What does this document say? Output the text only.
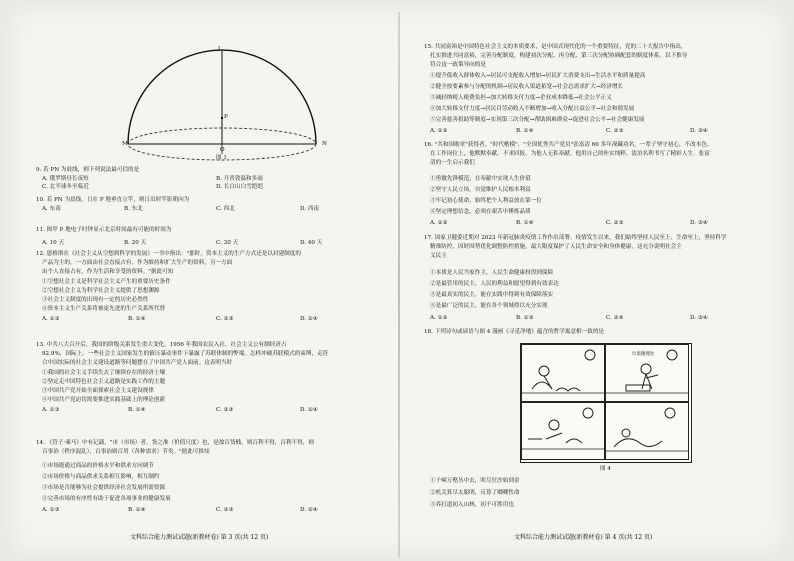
L
P
O
M	N
图 1
9. 若 PN 为晨线，则下列说法最可信的是
A. 俄罗斯昼长夜短	B. 开普敦温和多雨
C. 北半球冬至临近	D. 长白山白雪皑皑
10. 若 PN 为晨线，日在 P 地垂直立竿，则日出时竿影朝向为
A. 东南	B. 东北	C. 西北	D. 西南
11. 图甲 P 地电子时钟显示北京时间最有可能的时间为
A. 10 天	B. 20 天	C. 30 天	D. 40 天
12. 恩格斯在《社会主义从空想到科学的发展》一书中指出："那时，资本主义的生产方式还是以封建制度的
产品为主的，一方面由社会直接占有，作为维持和扩大生产的资料，另一方面
由个人直接占有，作为生活和享受的资料。"据此可知
①空想社会主义是科学社会主义产生的重要历史条件
②空想社会主义为科学社会主义提供了思想渊源
③社会主义制度的出现有一定的历史必然性
④资本主义生产关系将被更先进的生产关系所代替
A. ①③	B. ①④	C. ②③	D. ②④
13. 中共八大召开后，我国的阶级关系发生重大变化，1956 年我国农民入社、社会主义公有制经济占
92.9%，国际上，一些社会主义国家发生的镇压暴动事件下暴露了苏联体制的弊端。怎样冲破苏联模式的束缚，走符
合中国实际的社会主义建设道路等问题摆在了中国共产党人面前。这表明当时
①我国的社会主义手续失去了继续存在的经济土壤
②坚定走中国特色社会主义道路是实践工作的主题
③中国共产党开始全面探索社会主义建设规律
④中国共产党迫切需要推进实践基础上的理论创新
A. ①③	B. ①④	C. ②③	D. ②④
14. 《管子·乘马》中有记载，"市（市场）者，货之准（价值尺度）也，是故百货贱，则百利不得，百利不得，则
百事治（秩序混乱），百事治则百用（各种需求）节矣。"据此可推知
①市场能通过商品的价格水平和供求方向调节
②市场价格与商品供求关系相互影响，相互制约
③市场是否能够为社会提供经济社会发展所需资源
④完善市场的有序性有助于促进各项事业的健康发展
A. ①③	B. ①④	C. ②③	D. ②④
文科综合能力测试试题(新教材卷) 第 3 页(共 12 页)
15. 共同富裕是中国特色社会主义的本质要求，是中国式现代化的一个重要特征，党的二十大报告中指出，
扎实推进共同富裕，完善分配制度，构建初次分配、再分配、第三次分配协调配套的制度体系。以下推导
符合这一政策导向的是
①提升低收入群体收入→居民可支配收入增加→居民扩大消费支出→生活水平和质量提高
②健全按要素参与分配的机制→居民收入渠道拓宽→社会总需求扩大→经济增长
③减轻纳税人税费负担→加大转移支付力度→企业成本降低→社会公平正义
④加大转移支付力度→居民目劳动收入不断增加→收入分配日益公平→社会和谐发展
⑤完善慈善捐助等制度→实现第三次分配→帮助困难群众→促进社会公平→社会健康发展
A. ①②	B. ①④	C. ②③	D. ③④
16. "共和国勋章"获得者、"时代楷模"、"全国优秀共产党员"张富清 60 多年深藏功名，一辈子坚守初心，不改本色。
在工作岗位上，他默默奉献，不求回报，为他人无私奉献。他用自己的朴实纯粹、淡泊名利书写了精彩人生。张富
清的一生启示我们
①勇做先锋模范，在奉献中实现人生价值
②坚守人民立场，自觉维护人民根本利益
③牢记初心使命，始终把个人利益放在第一位
④坚定理想信念，必须在艰苦中锤炼品质
A. ①②	B. ①④	C. ②③	D. ③④
17. 国家卫健委近期对 2023 年新冠肺炎疫情工作作出部署。疫情发生以来，我们始终坚持人民至上、生命至上，坚持科学
精准防控，因时因势优化调整防控措施，最大限度保护了人民生命安全和身体健康，这充分说明社会主
义民主
①本质是人民当家作主，人民生命健康权得到保障
②是最管用的民主，人民的利益和愿望得到有效表达
③是最真实的民主，能在实践中得到有效保障落实
④是最广泛的民主，能在各个领域得以充分实现
A. ①②	B. ①③	C. ②④	D. ③④
18. 下列诗句或谚语与图 4 漫画《寻觅净地》蕴含的哲学寓意相一致的是
垃圾掩埋处
图 4
①千嶂万壑丛中去，吹尽狂沙始到金
②机关算尽太聪明，反算了卿卿性命
③养打道初入山林，初不可胜用也
文科综合能力测试试题(新教材卷) 第 4 页(共 12 页)
